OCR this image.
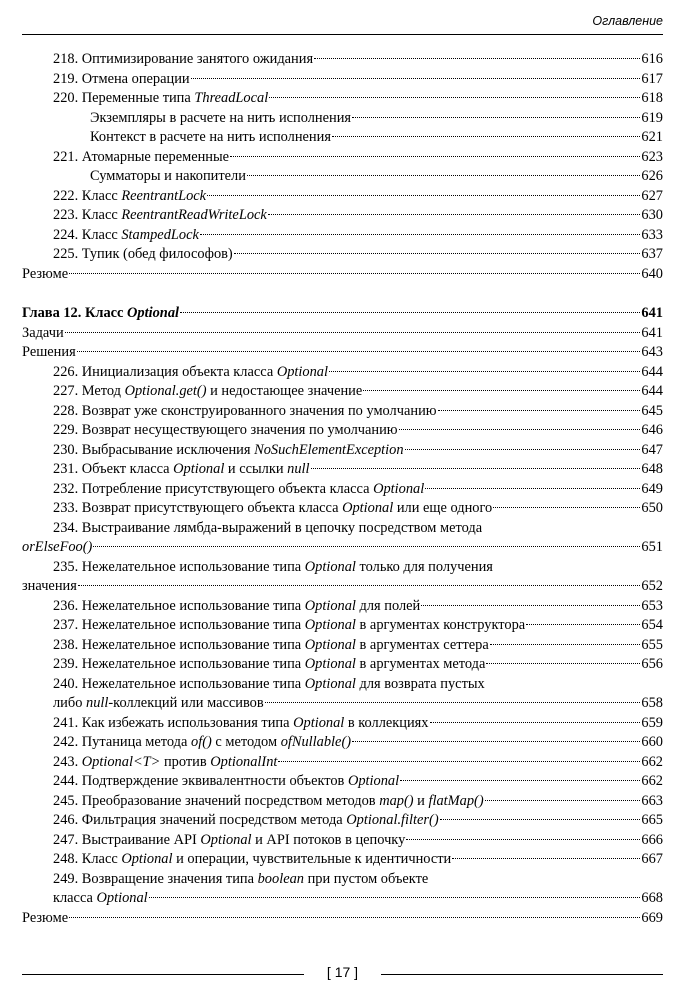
Оглавление
218. Оптимизирование занятого ожидания	616
219. Отмена операции	617
220. Переменные типа ThreadLocal	618
Экземпляры в расчете на нить исполнения	619
Контекст в расчете на нить исполнения	621
221. Атомарные переменные	623
Сумматоры и накопители	626
222. Класс ReentrantLock	627
223. Класс ReentrantReadWriteLock	630
224. Класс StampedLock	633
225. Тупик (обед философов)	637
Резюме	640
Глава 12. Класс Optional	641
Задачи	641
Решения	643
226. Инициализация объекта класса Optional	644
227. Метод Optional.get() и недостающее значение	644
228. Возврат уже сконструированного значения по умолчанию	645
229. Возврат несуществующего значения по умолчанию	646
230. Выбрасывание исключения NoSuchElementException	647
231. Объект класса Optional и ссылки null	648
232. Потребление присутствующего объекта класса Optional	649
233. Возврат присутствующего объекта класса Optional или еще одного	650
234. Выстраивание лямбда-выражений в цепочку посредством метода
orElseFoo()	651
235. Нежелательное использование типа Optional только для получения
значения	652
236. Нежелательное использование типа Optional для полей	653
237. Нежелательное использование типа Optional в аргументах конструктора	654
238. Нежелательное использование типа Optional в аргументах сеттера	655
239. Нежелательное использование типа Optional в аргументах метода	656
240. Нежелательное использование типа Optional для возврата пустых
либо null-коллекций или массивов	658
241. Как избежать использования типа Optional в коллекциях	659
242. Путаница метода of() с методом ofNullable()	660
243. Optional<T> против OptionalInt	662
244. Подтверждение эквивалентности объектов Optional	662
245. Преобразование значений посредством методов map() и flatMap()	663
246. Фильтрация значений посредством метода Optional.filter()	665
247. Выстраивание API Optional и API потоков в цепочку	666
248. Класс Optional и операции, чувствительные к идентичности	667
249. Возвращение значения типа boolean при пустом объекте
класса Optional	668
Резюме	669
[ 17 ]
